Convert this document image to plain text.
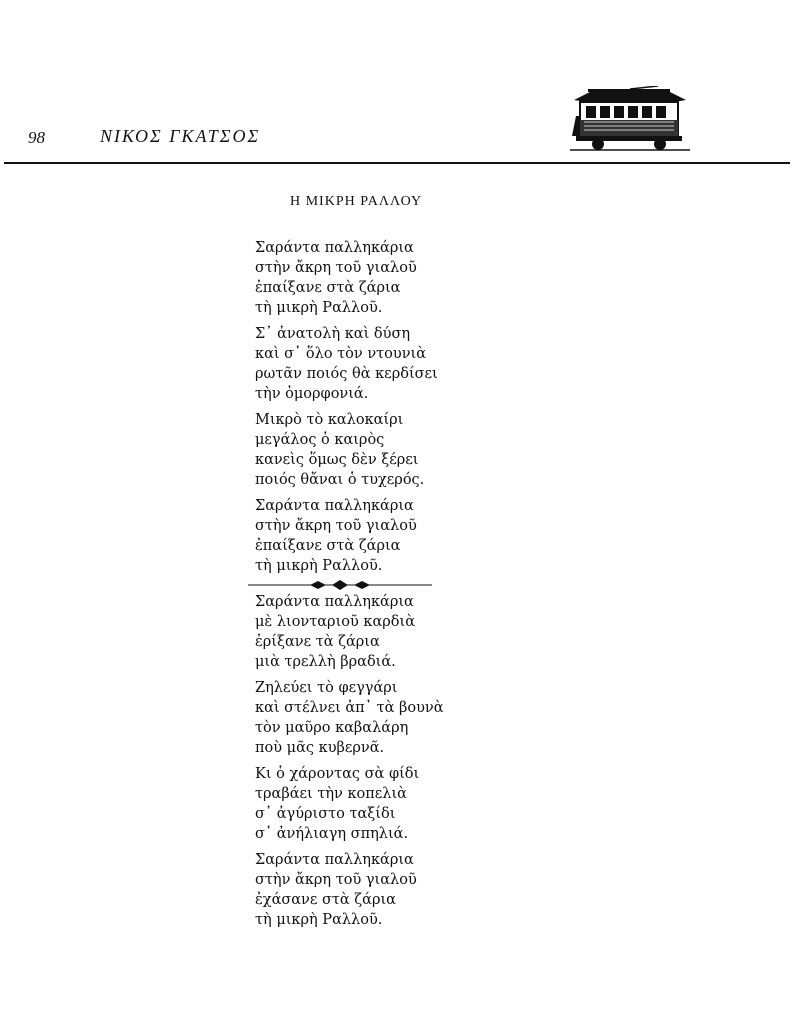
98	ΝΙΚΟΣ ΓΚΑΤΣΟΣ
Η ΜΙΚΡΗ ΡΑΛΛΟΥ
Σαράντα παλληκάρια
στὴν ἄκρη τοῦ γιαλοῦ
ἐπαίξανε στὰ ζάρια
τὴ μικρὴ Ραλλοῦ.
Σ᾽ ἀνατολὴ καὶ δύση
καὶ σ᾽ ὅλο τὸν ντουνιὰ
ρωτᾶν ποιός θὰ κερδίσει
τὴν ὀμορφονιά.
Μικρὸ τὸ καλοκαίρι
μεγάλος ὁ καιρὸς
κανεὶς ὅμως δὲν ξέρει
ποιός θἄναι ὁ τυχερός.
Σαράντα παλληκάρια
στὴν ἄκρη τοῦ γιαλοῦ
ἐπαίξανε στὰ ζάρια
τὴ μικρὴ Ραλλοῦ.
Σαράντα παλληκάρια
μὲ λιονταριοῦ καρδιὰ
ἐρίξανε τὰ ζάρια
μιὰ τρελλὴ βραδιά.
Ζηλεύει τὸ φεγγάρι
καὶ στέλνει ἀπ᾽ τὰ βουνὰ
τὸν μαῦρο καβαλάρη
ποὺ μᾶς κυβερνᾶ.
Κι ὁ χάροντας σὰ φίδι
τραβάει τὴν κοπελιὰ
σ᾽ ἀγύριστο ταξίδι
σ᾽ ἀνήλιαγη σπηλιά.
Σαράντα παλληκάρια
στὴν ἄκρη τοῦ γιαλοῦ
ἐχάσανε στὰ ζάρια
τὴ μικρὴ Ραλλοῦ.
